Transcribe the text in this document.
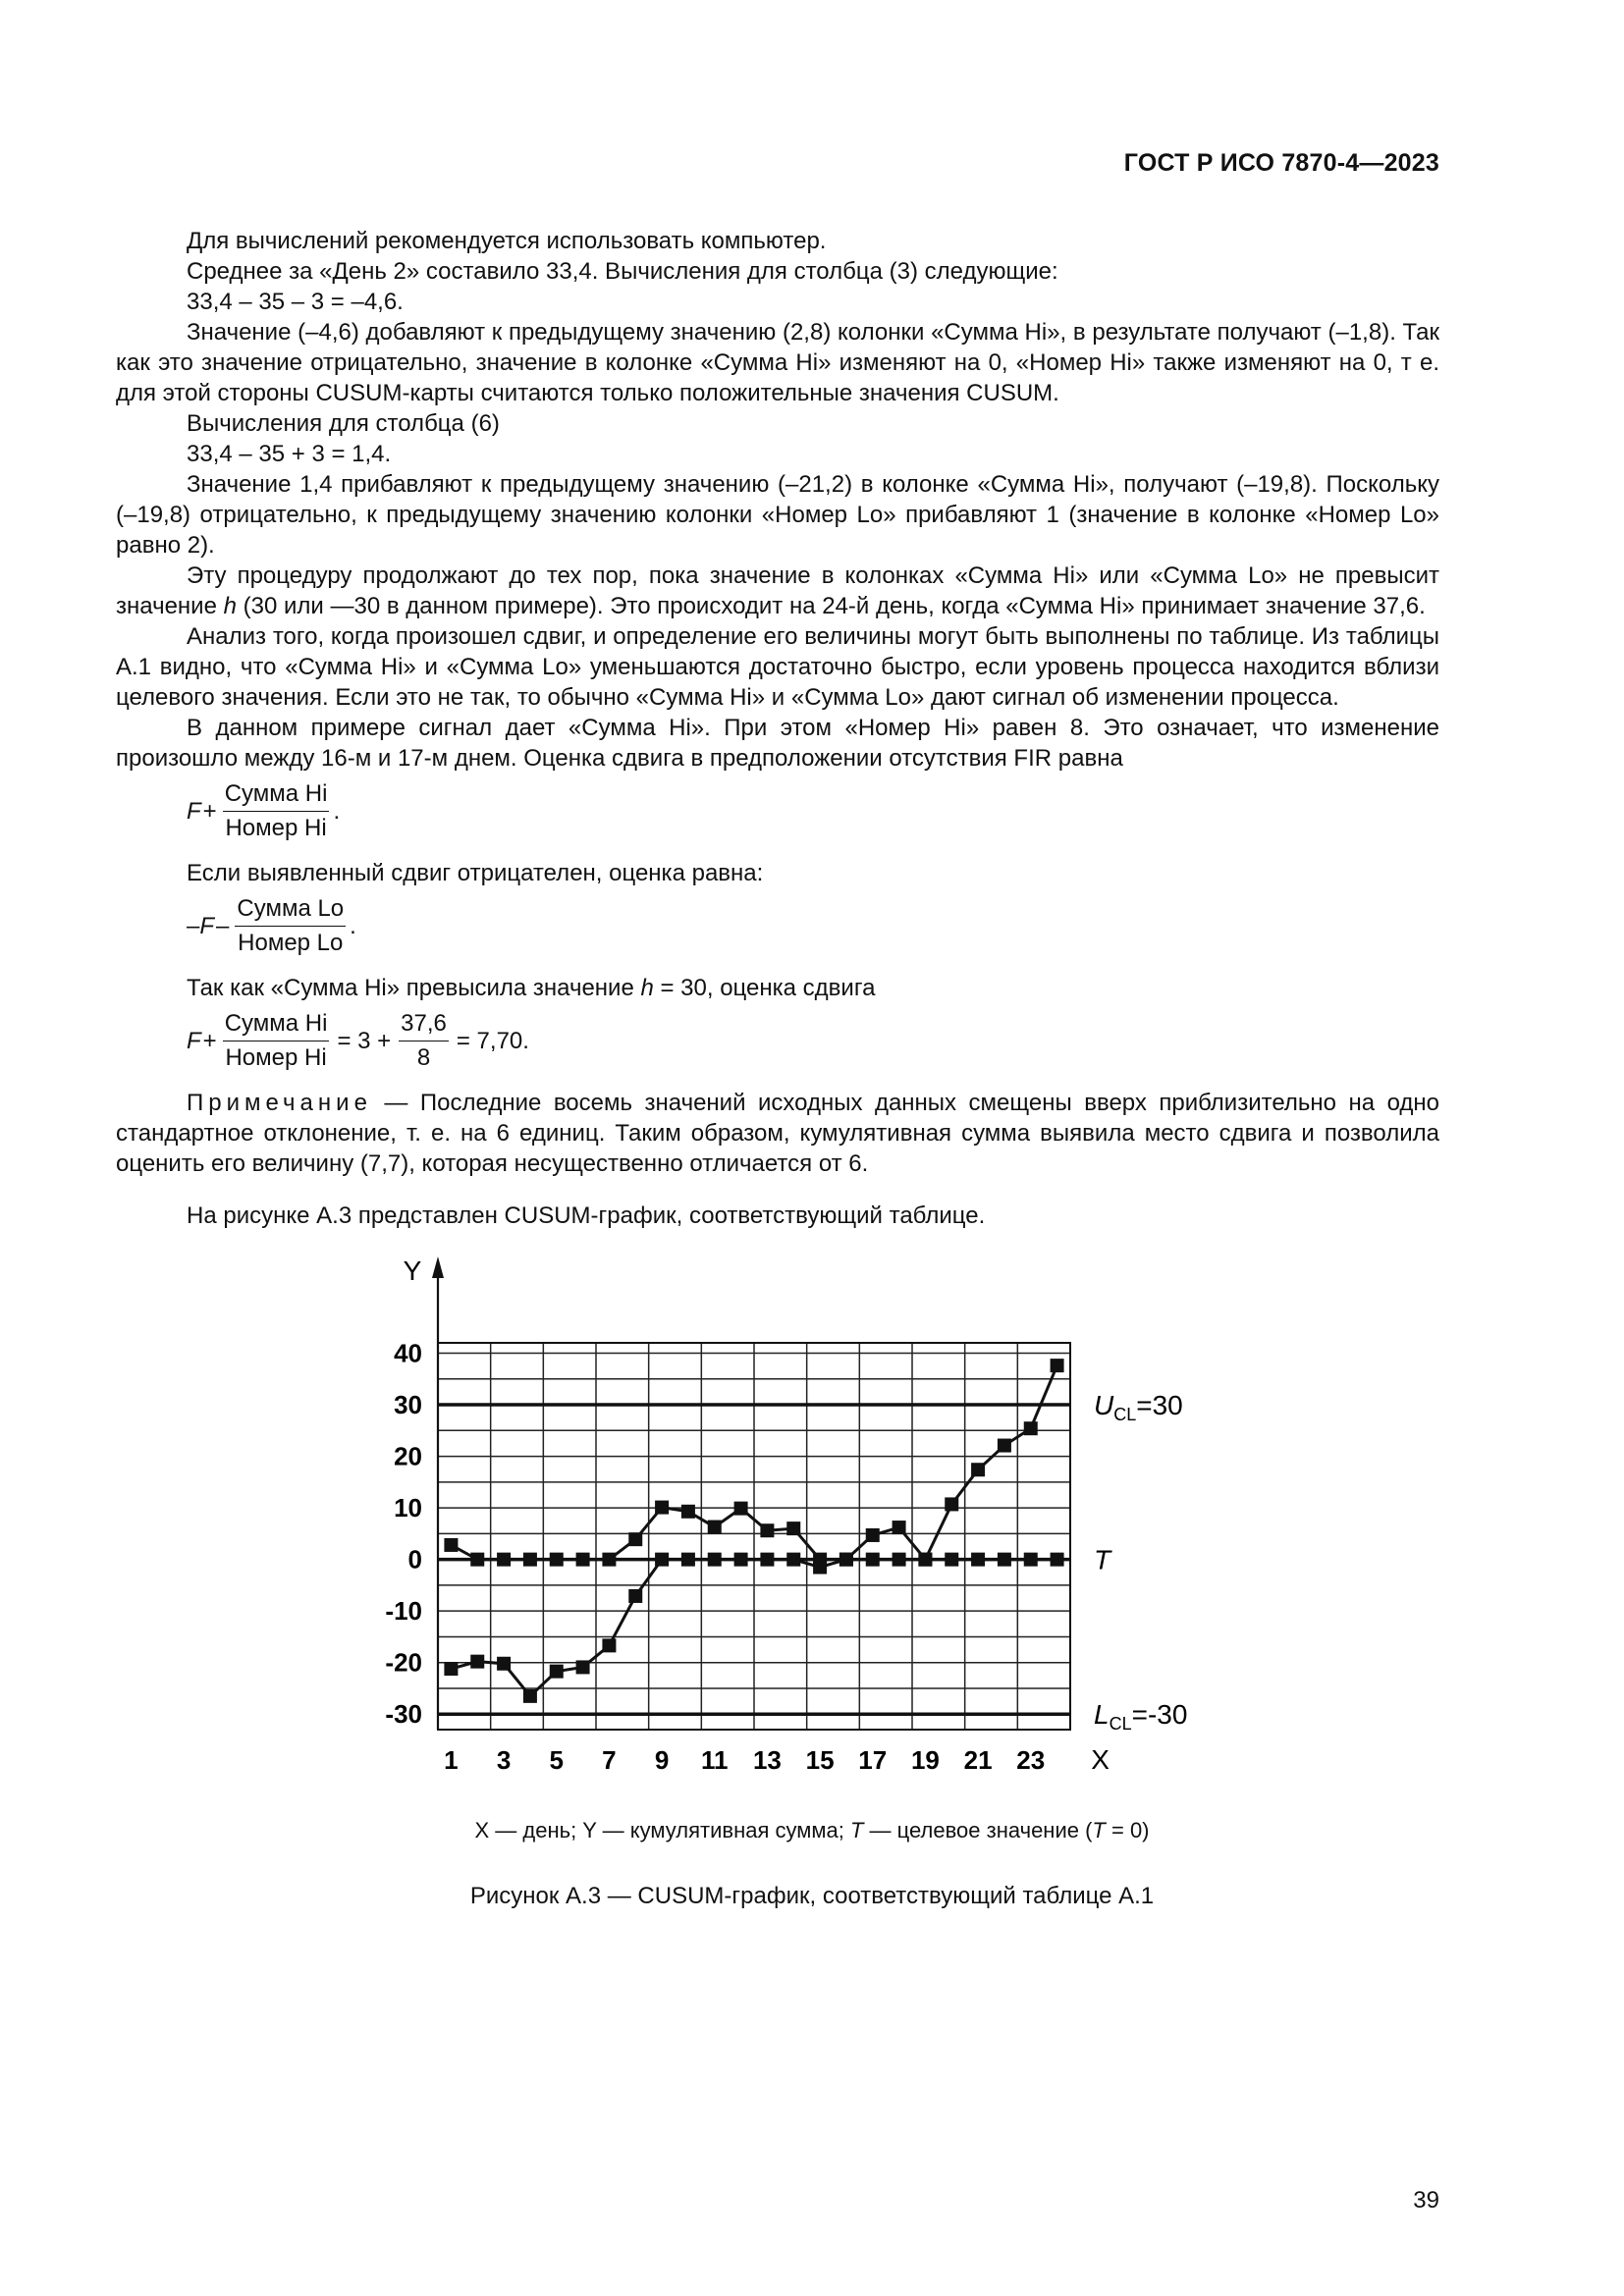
ГОСТ Р ИСО 7870-4—2023

Для вычислений рекомендуется использовать компьютер.

Среднее за «День 2» составило 33,4. Вычисления для столбца (3) следующие:

33,4 – 35 – 3 = –4,6.

Значение (–4,6) добавляют к предыдущему значению (2,8) колонки «Сумма Hi», в результате получают (–1,8). Так как это значение отрицательно, значение в колонке «Сумма Hi» изменяют на 0, «Номер Hi» также изменяют на 0, т е. для этой стороны CUSUM-карты считаются только положительные значения CUSUM.

Вычисления для столбца (6)

33,4 – 35 + 3 = 1,4.

Значение 1,4 прибавляют к предыдущему значению (–21,2) в колонке «Сумма Hi», получают (–19,8). Поскольку (–19,8) отрицательно, к предыдущему значению колонки «Номер Lo» прибавляют 1 (значение в колонке «Номер Lo» равно 2).

Эту процедуру продолжают до тех пор, пока значение в колонках «Сумма Hi» или «Сумма Lo» не превысит значение h (30 или —30 в данном примере). Это происходит на 24-й день, когда «Сумма Hi» принимает значение 37,6.

Анализ того, когда произошел сдвиг, и определение его величины могут быть выполнены по таблице. Из таблицы А.1 видно, что «Сумма Hi» и «Сумма Lo» уменьшаются достаточно быстро, если уровень процесса находится вблизи целевого значения. Если это не так, то обычно «Сумма Hi» и «Сумма Lo» дают сигнал об изменении процесса.

В данном примере сигнал дает «Сумма Hi». При этом «Номер Hi» равен 8. Это означает, что изменение произошло между 16-м и 17-м днем. Оценка сдвига в предположении отсутствия FIR равна

$F + \frac{\text{Сумма Hi}}{\text{Номер Hi}}$ .

Если выявленный сдвиг отрицателен, оценка равна:

$-F - \frac{\text{Сумма Lo}}{\text{Номер Lo}}$ .

Так как «Сумма Hi» превысила значение h = 30, оценка сдвига

$F + \frac{\text{Сумма Hi}}{\text{Номер Hi}} = 3 + \frac{37,6}{8} = 7,70$.

Примечание — Последние восемь значений исходных данных смещены вверх приблизительно на одно стандартное отклонение, т. е. на 6 единиц. Таким образом, кумулятивная сумма выявила место сдвига и позволила оценить его величину (7,7), которая несущественно отличается от 6.

На рисунке А.3 представлен CUSUM-график, соответствующий таблице.

40
30
20
10
0
-10
-20
-30
1 3 5 7 9 11 13 15 17 19 21 23
Y
X
$U_{CL}=30$
T
$L_{CL}=-30$
X — день; Y — кумулятивная сумма; T — целевое значение (T = 0)
Рисунок А.3 — CUSUM-график, соответствующий таблице А.1
39
